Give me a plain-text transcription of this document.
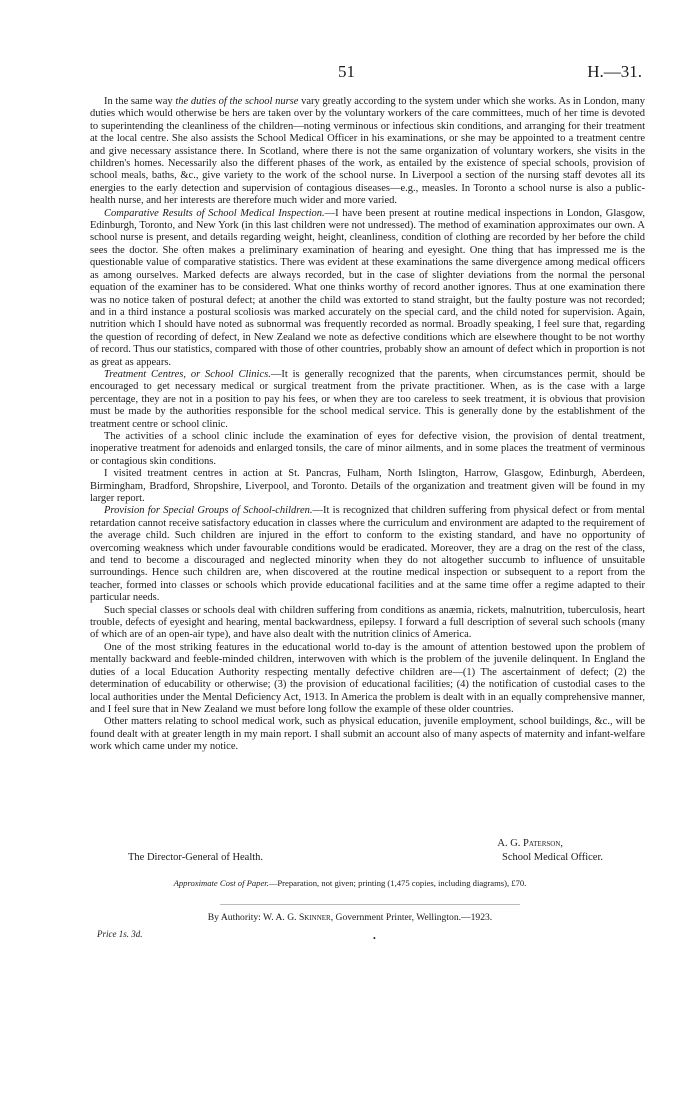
51	H.—31.

In the same way the duties of the school nurse vary greatly according to the system under which she works. As in London, many duties which would otherwise be hers are taken over by the voluntary workers of the care committees, much of her time is devoted to superintending the cleanliness of the children—noting verminous or infectious skin conditions, and arranging for their treatment at the local centre. She also assists the School Medical Officer in his examinations, or she may be appointed to a treatment centre and give necessary assistance there. In Scotland, where there is not the same organization of voluntary workers, she visits in the children's homes. Necessarily also the different phases of the work, as entailed by the existence of special schools, provision of school meals, baths, &c., give variety to the work of the school nurse. In Liverpool a section of the nursing staff devotes all its energies to the early detection and supervision of contagious diseases—e.g., measles. In Toronto a school nurse is also a public-health nurse, and her interests are therefore much wider and more varied.

Comparative Results of School Medical Inspection.—I have been present at routine medical inspections in London, Glasgow, Edinburgh, Toronto, and New York (in this last children were not undressed). The method of examination approximates our own. A school nurse is present, and details regarding weight, height, cleanliness, condition of clothing are recorded by her before the child sees the doctor. She often makes a preliminary examination of hearing and eyesight. One thing that has impressed me is the questionable value of comparative statistics. There was evident at these examinations the same divergence among medical officers as among ourselves. Marked defects are always recorded, but in the case of slighter deviations from the normal the personal equation of the examiner has to be considered. What one thinks worthy of record another ignores. Thus at one examination there was no notice taken of postural defect; at another the child was extorted to stand straight, but the faulty posture was not recorded; and in a third instance a postural scoliosis was marked accurately on the special card, and the child noted for supervision. Again, nutrition which I should have noted as subnormal was frequently recorded as normal. Broadly speaking, I feel sure that, regarding the question of recording of defect, in New Zealand we note as defective conditions which are elsewhere thought to be not worthy of record. Thus our statistics, compared with those of other countries, probably show an amount of defect which in proportion is not as great as appears.

Treatment Centres, or School Clinics.—It is generally recognized that the parents, when circumstances permit, should be encouraged to get necessary medical or surgical treatment from the private practitioner. When, as is the case with a large percentage, they are not in a position to pay his fees, or when they are too careless to seek treatment, it is obvious that provision must be made by the authorities responsible for the school medical service. This is generally done by the establishment of the treatment centre or school clinic.

The activities of a school clinic include the examination of eyes for defective vision, the provision of dental treatment, inoperative treatment for adenoids and enlarged tonsils, the care of minor ailments, and in some places the treatment of verminous or contagious skin conditions.

I visited treatment centres in action at St. Pancras, Fulham, North Islington, Harrow, Glasgow, Edinburgh, Aberdeen, Birmingham, Bradford, Shropshire, Liverpool, and Toronto. Details of the organization and treatment given will be found in my larger report.

Provision for Special Groups of School-children.—It is recognized that children suffering from physical defect or from mental retardation cannot receive satisfactory education in classes where the curriculum and environment are adapted to the requirement of the average child. Such children are injured in the effort to conform to the existing standard, and have no opportunity of overcoming weakness which under favourable conditions would be eradicated. Moreover, they are a drag on the rest of the class, and tend to become a discouraged and neglected minority when they do not altogether succumb to influence of unsuitable surroundings. Hence such children are, when discovered at the routine medical inspection or subsequent to a report from the teacher, formed into classes or schools which provide educational facilities and at the same time offer a regime adapted to their particular needs.

Such special classes or schools deal with children suffering from conditions as anæmia, rickets, malnutrition, tuberculosis, heart trouble, defects of eyesight and hearing, mental backwardness, epilepsy. I forward a full description of several such schools (many of which are of an open-air type), and have also dealt with the nutrition clinics of America.

One of the most striking features in the educational world to-day is the amount of attention bestowed upon the problem of mentally backward and feeble-minded children, interwoven with which is the problem of the juvenile delinquent. In England the duties of a local Education Authority respecting mentally defective children are—(1) The ascertainment of defect; (2) the determination of educability or otherwise; (3) the provision of educational facilities; (4) the notification of custodial cases to the local authorities under the Mental Deficiency Act, 1913. In America the problem is dealt with in an equally comprehensive manner, and I feel sure that in New Zealand we must before long follow the example of these older countries.

Other matters relating to school medical work, such as physical education, juvenile employment, school buildings, &c., will be found dealt with at greater length in my main report. I shall submit an account also of many aspects of maternity and infant-welfare work which came under my notice.

A. G. Paterson,
The Director-General of Health.	School Medical Officer.
Approximate Cost of Paper.—Preparation, not given; printing (1,475 copies, including diagrams), £70.
By Authority: W. A. G. Skinner, Government Printer, Wellington.—1923.
Price 1s. 3d.	•
